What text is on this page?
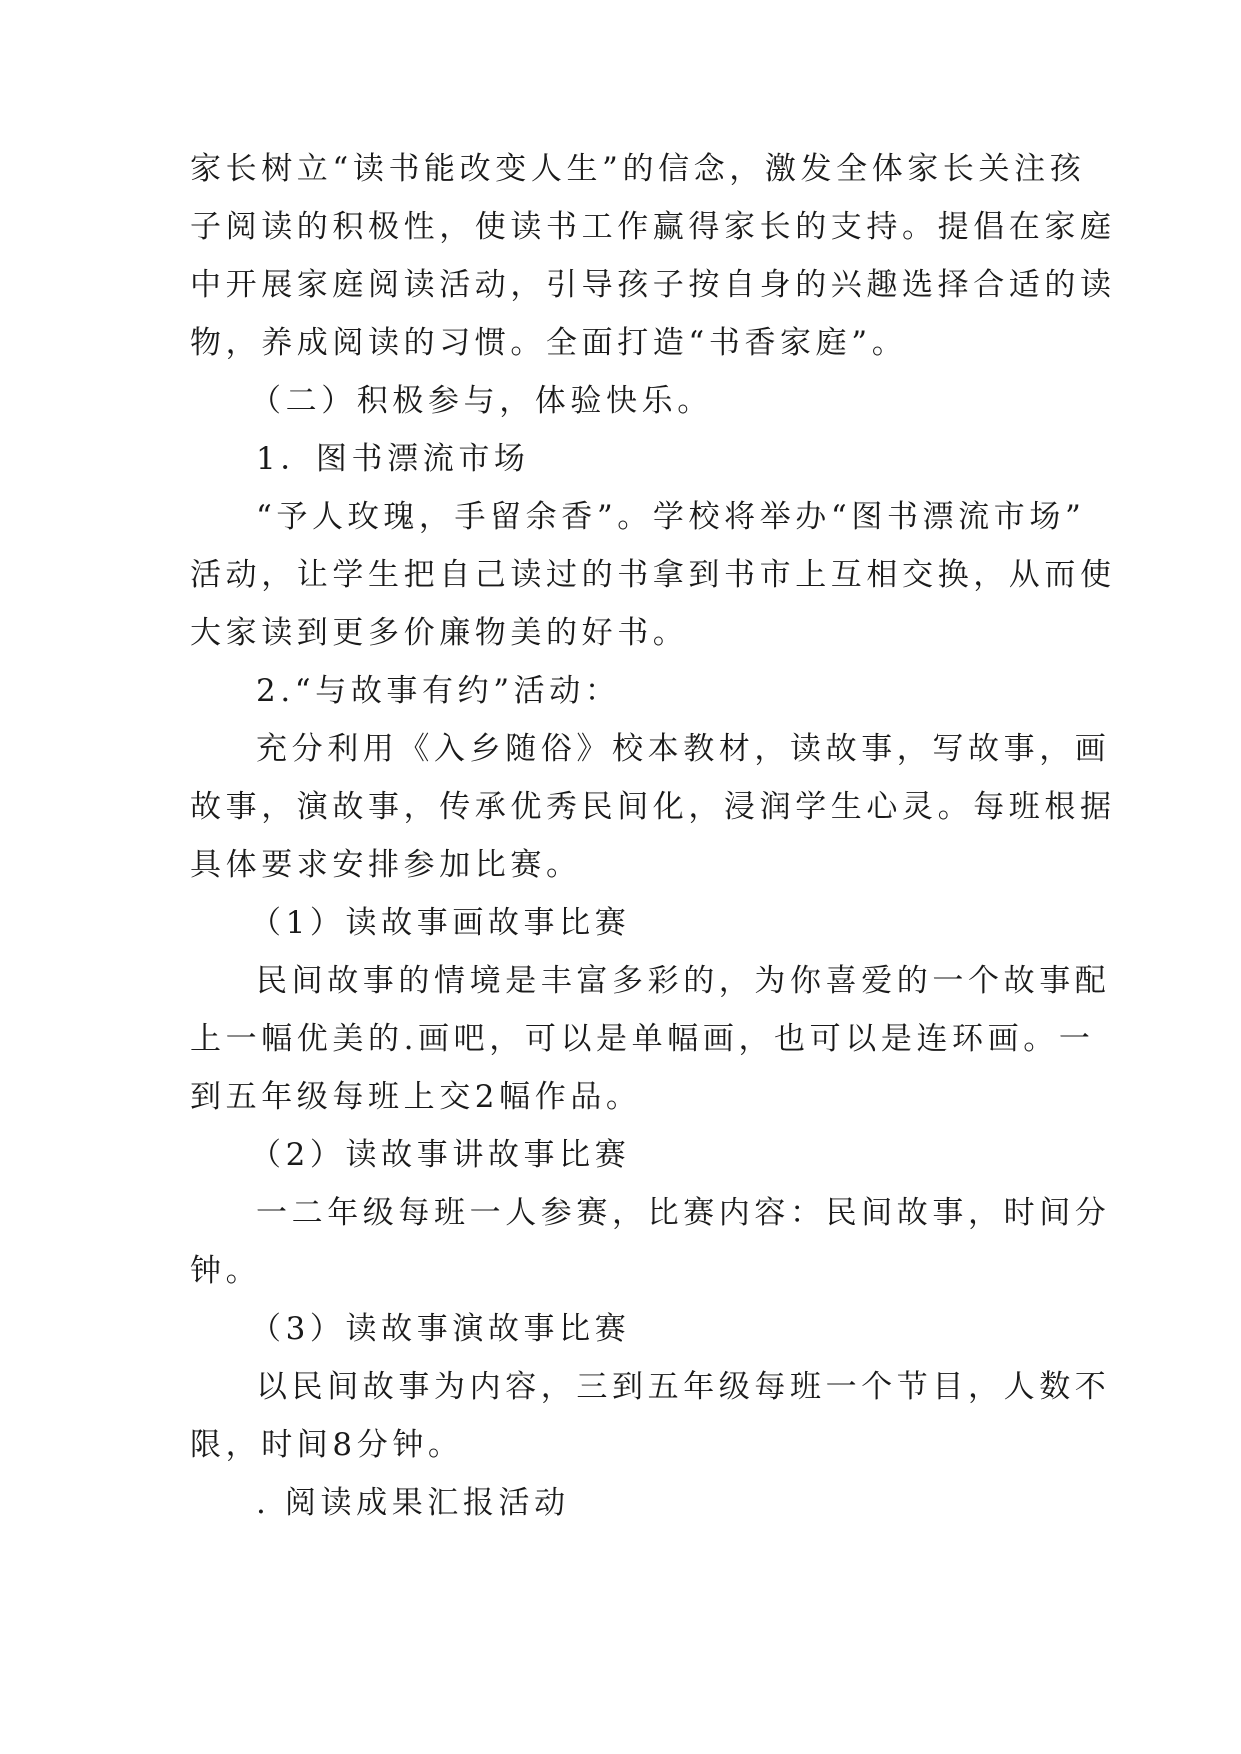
家长树立“读书能改变人生”的信念，激发全体家长关注孩
子阅读的积极性，使读书工作赢得家长的支持。提倡在家庭
中开展家庭阅读活动，引导孩子按自身的兴趣选择合适的读
物，养成阅读的习惯。全面打造“书香家庭”。
（二）积极参与，体验快乐。
1．图书漂流市场
“予人玫瑰，手留余香”。学校将举办“图书漂流市场”
活动，让学生把自己读过的书拿到书市上互相交换，从而使
大家读到更多价廉物美的好书。
2.“与故事有约”活动：
充分利用《入乡随俗》校本教材，读故事，写故事，画
故事，演故事，传承优秀民间化，浸润学生心灵。每班根据
具体要求安排参加比赛。
（1）读故事画故事比赛
民间故事的情境是丰富多彩的，为你喜爱的一个故事配
上一幅优美的.画吧，可以是单幅画，也可以是连环画。一
到五年级每班上交2幅作品。
（2）读故事讲故事比赛
一二年级每班一人参赛，比赛内容：民间故事，时间分
钟。
（3）读故事演故事比赛
以民间故事为内容，三到五年级每班一个节目，人数不
限，时间8分钟。
. 阅读成果汇报活动
